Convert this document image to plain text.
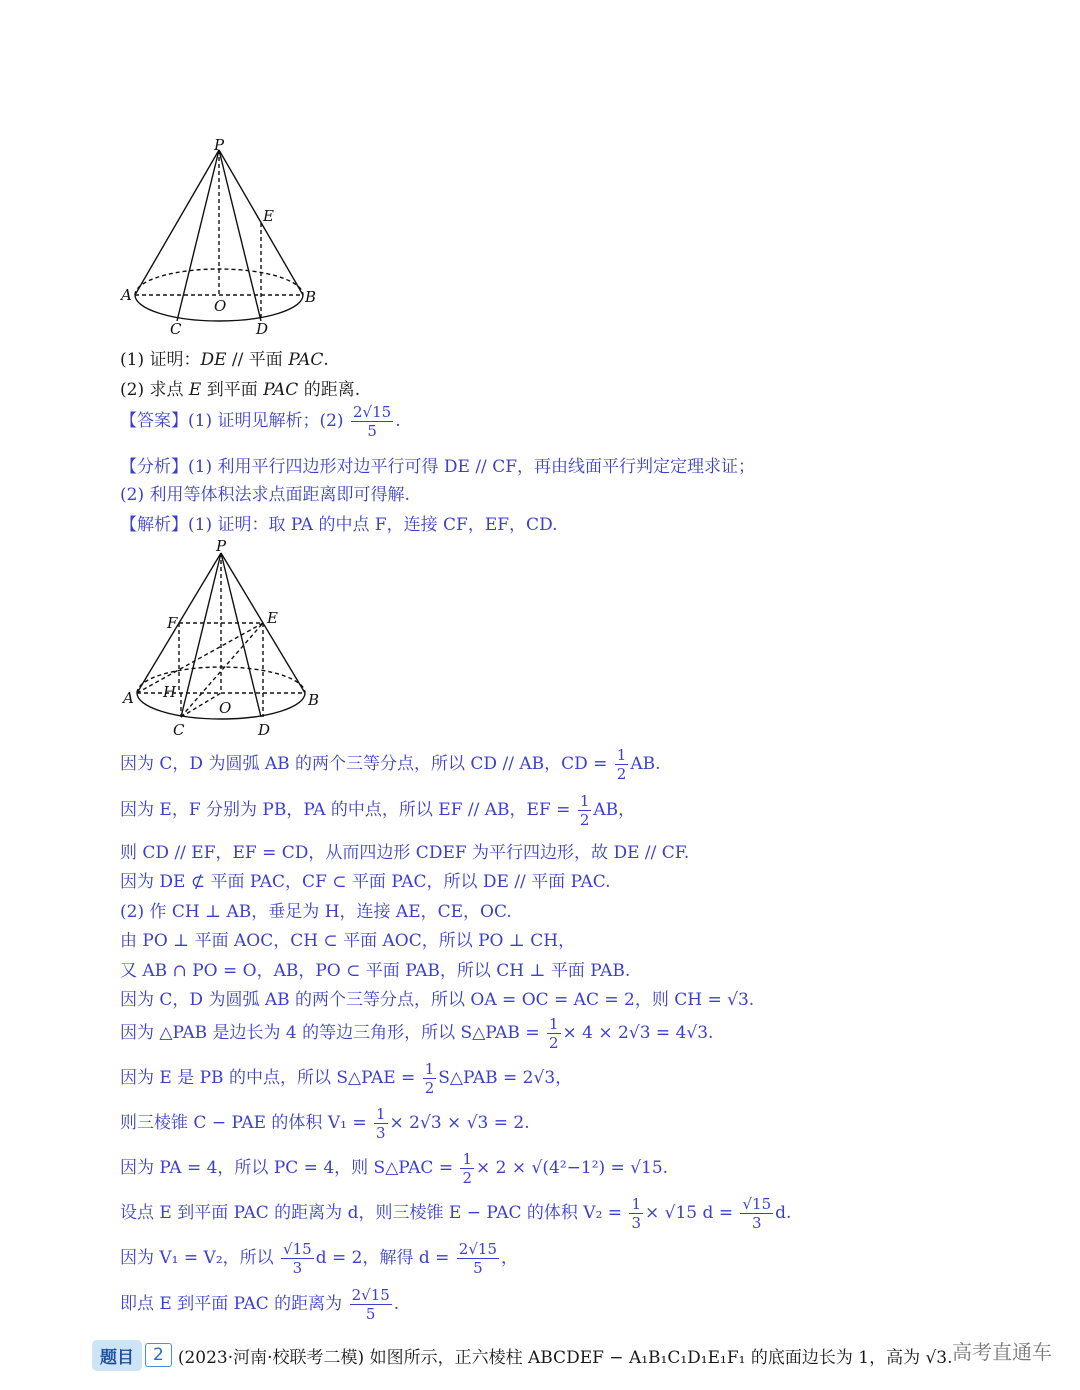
P
E
A	B
O
C	D
(1) 证明：DE // 平面 PAC.
(2) 求点 E 到平面 PAC 的距离.
【答案】(1) 证明见解析；$(2) \frac{2√15}{5}$ .
【分析】(1) 利用平行四边形对边平行可得 DE // CF，再由线面平行判定定理求证；
(2) 利用等体积法求点面距离即可得解.
【解析】(1) 证明：取 PA 的中点 F，连接 CF，EF，CD.
P
F	E
A	B
H
O
C	D
因为 C，D 为圆弧 AB 的两个三等分点，所以 CD // AB，CD = $\frac{1}{2}$ AB.
因为 E，F 分别为 PB，PA 的中点，所以 EF // AB，EF = $\frac{1}{2}$ AB，
则 CD // EF，EF = CD，从而四边形 CDEF 为平行四边形，故 DE // CF.
因为 DE ⊄ 平面 PAC，CF ⊂ 平面 PAC，所以 DE // 平面 PAC.
(2) 作 CH ⊥ AB，垂足为 H，连接 AE，CE，OC.
由 PO ⊥ 平面 AOC，CH ⊂ 平面 AOC，所以 PO ⊥ CH，
又 AB ∩ PO = O，AB，PO ⊂ 平面 PAB，所以 CH ⊥ 平面 PAB.
因为 C，D 为圆弧 AB 的两个三等分点，所以 OA = OC = AC = 2，则 CH = √3.
因为 △PAB 是边长为 4 的等边三角形，所以 S△PAB = $\frac{1}{2} \times 4 \times 2√3 = 4√3$.
因为 E 是 PB 的中点，所以 S△PAE = $\frac{1}{2}$ S△PAB = 2√3，
则三棱锥 C − PAE 的体积 $V_1 = \frac{1}{3} \times 2√3 \times √3 = 2$.
因为 PA = 4，所以 PC = 4，则 S△PAC = $\frac{1}{2} \times 2 \times √(4^2-1^2) = √15$.
设点 E 到平面 PAC 的距离为 d，则三棱锥 E − PAC 的体积 $V_2 = \frac{1}{3} \times √15$ $d = \frac{√15}{3} d$.
因为 V₁ = V₂，所以 $\frac{√15}{3}$ d = 2，解得 $d = \frac{2√15}{5}$ ，
即点 E 到平面 PAC 的距离为 $\frac{2√15}{5}$ .
题目	2 (2023·河南·校联考二模) 如图所示，正六棱柱 ABCDEF − A₁B₁C₁D₁E₁F₁ 的底面边长为 1，高为 √3. 高考直通车
